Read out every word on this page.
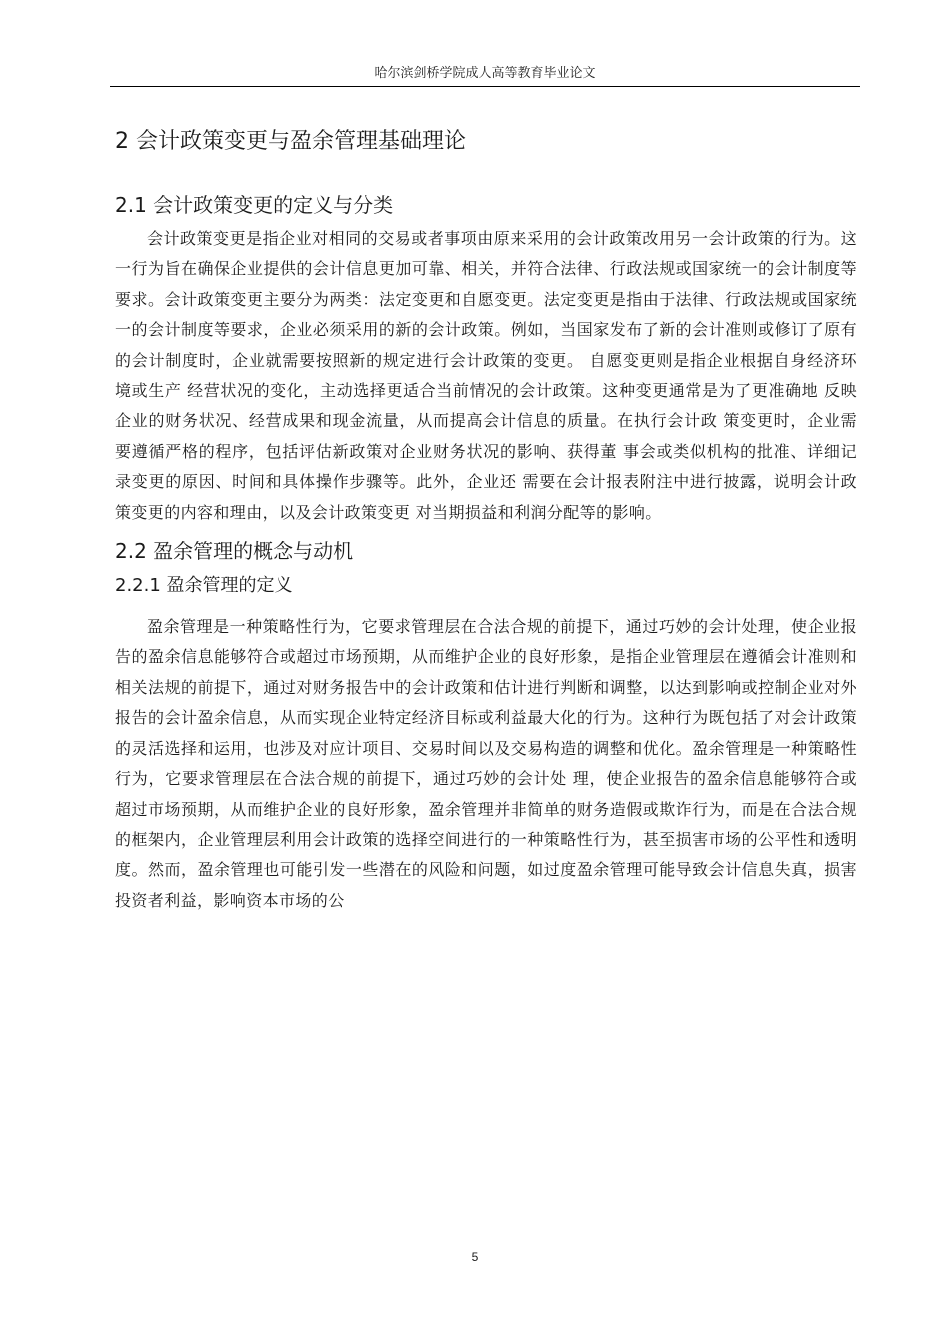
哈尔滨剑桥学院成人高等教育毕业论文
2 会计政策变更与盈余管理基础理论
2.1 会计政策变更的定义与分类

会计政策变更是指企业对相同的交易或者事项由原来采用的会计政策改用另一会计政策的行为。这一行为旨在确保企业提供的会计信息更加可靠、相关，并符合法律、行政法规或国家统一的会计制度等要求。会计政策变更主要分为两类：法定变更和自愿变更。法定变更是指由于法律、行政法规或国家统一的会计制度等要求，企业必须采用的新的会计政策。例如，当国家发布了新的会计准则或修订了原有的会计制度时，企业就需要按照新的规定进行会计政策的变更。 自愿变更则是指企业根据自身经济环境或生产 经营状况的变化，主动选择更适合当前情况的会计政策。这种变更通常是为了更准确地 反映企业的财务状况、经营成果和现金流量，从而提高会计信息的质量。在执行会计政 策变更时，企业需要遵循严格的程序，包括评估新政策对企业财务状况的影响、获得董 事会或类似机构的批准、详细记录变更的原因、时间和具体操作步骤等。此外，企业还 需要在会计报表附注中进行披露，说明会计政策变更的内容和理由，以及会计政策变更 对当期损益和利润分配等的影响。

2.2 盈余管理的概念与动机
2.2.1 盈余管理的定义

盈余管理是一种策略性行为，它要求管理层在合法合规的前提下，通过巧妙的会计处理，使企业报告的盈余信息能够符合或超过市场预期，从而维护企业的良好形象，是指企业管理层在遵循会计准则和相关法规的前提下，通过对财务报告中的会计政策和估计进行判断和调整，以达到影响或控制企业对外报告的会计盈余信息，从而实现企业特定经济目标或利益最大化的行为。这种行为既包括了对会计政策的灵活选择和运用，也涉及对应计项目、交易时间以及交易构造的调整和优化。盈余管理是一种策略性行为，它要求管理层在合法合规的前提下，通过巧妙的会计处 理，使企业报告的盈余信息能够符合或超过市场预期，从而维护企业的良好形象，盈余管理并非简单的财务造假或欺诈行为，而是在合法合规的框架内，企业管理层利用会计政策的选择空间进行的一种策略性行为，甚至损害市场的公平性和透明度。然而，盈余管理也可能引发一些潜在的风险和问题，如过度盈余管理可能导致会计信息失真，损害投资者利益，影响资本市场的公

5
